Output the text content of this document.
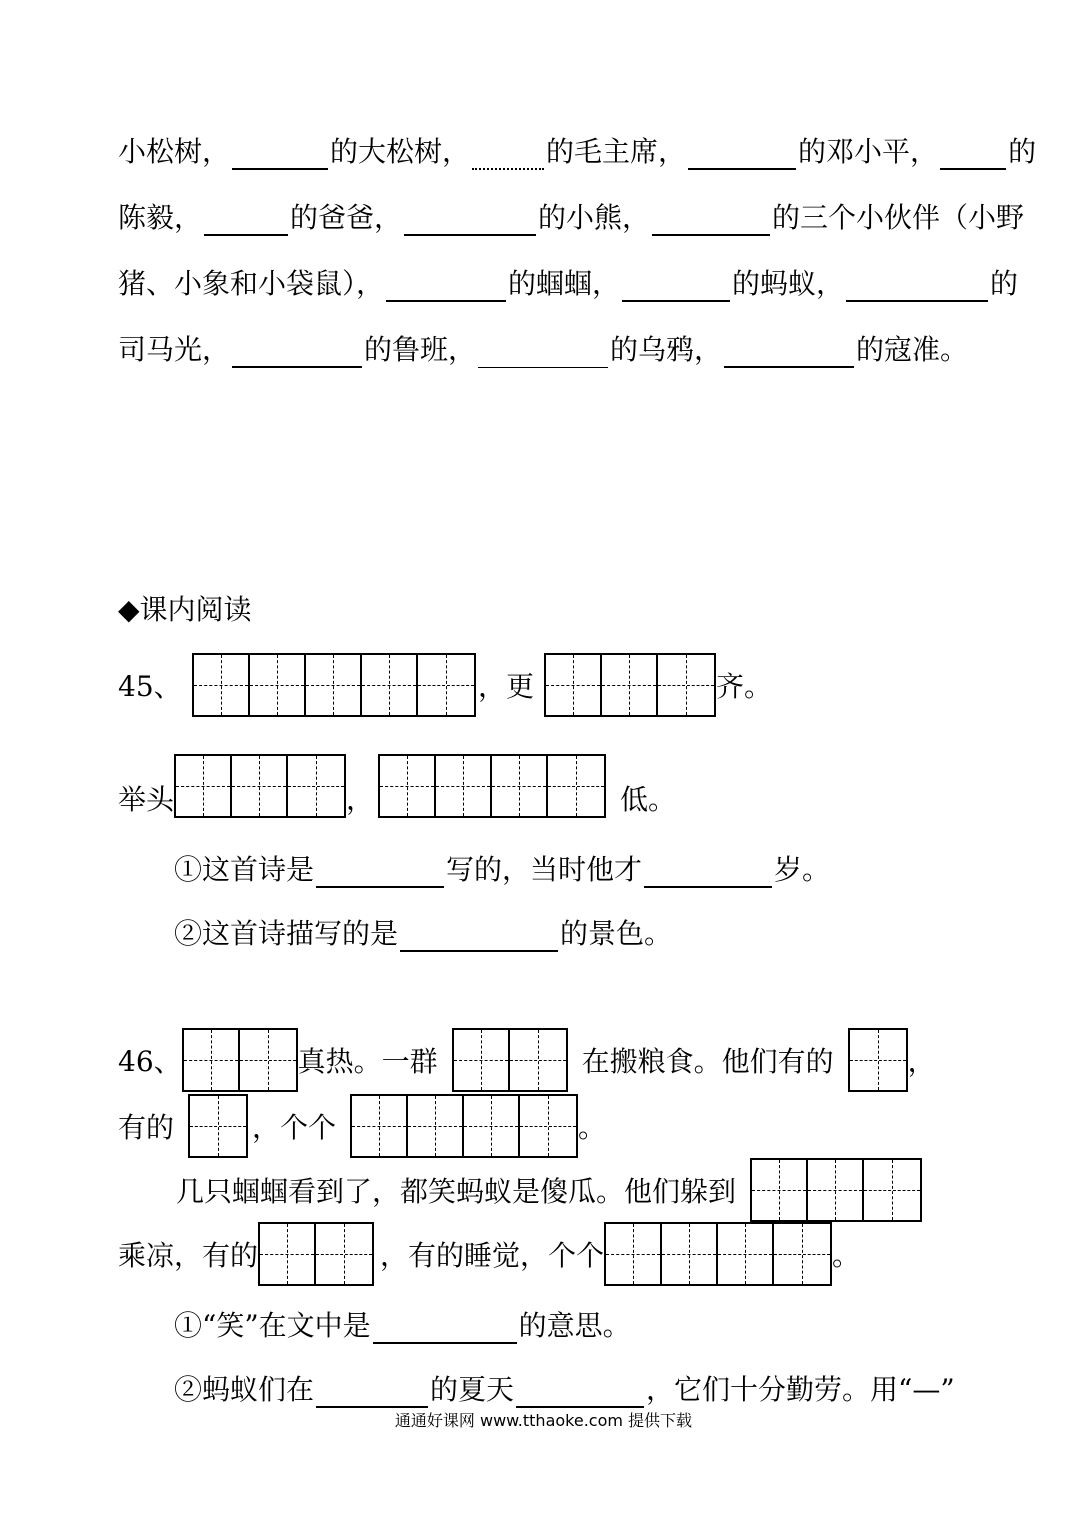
小松树，	的大松树，	的毛主席，	的邓小平，	的
陈毅，	的爸爸，	的小熊，	的三个小伙伴（小野
猪、小象和小袋鼠），	的蝈蝈，	的蚂蚁，	的
司马光，	的鲁班，	的乌鸦，	的寇准。
◆课内阅读
45、	，更	齐。
举头	，	低。
①这首诗是	写的，当时他才	岁。
②这首诗描写的是	的景色。
46、	真热。一群	在搬粮食。他们有的	，
有的	，个个	。
几只蝈蝈看到了，都笑蚂蚁是傻瓜。他们躲到
乘凉，有的	，有的睡觉，个个	。
①“笑”在文中是	的意思。
②蚂蚁们在	的夏天	，它们十分勤劳。用“—”
通通好课网 www.tthaoke.com 提供下载
